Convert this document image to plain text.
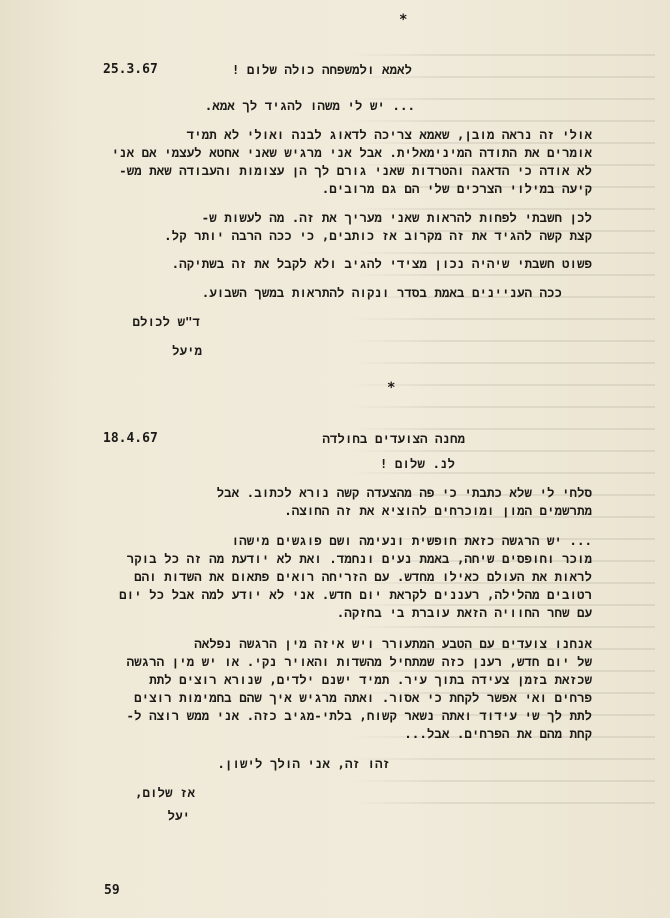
*
25.3.67	לאמא ולמשפחה כולה שלום !
... יש לי משהו להגיד לך אמא.
אולי זה נראה מובן, שאמא צריכה לדאוג לבנה ואולי לא תמיד
אומרים את התודה המינימאלית. אבל אני מרגיש שאני אחטא לעצמי אם אני
לא אודה כי הדאגה והטרדות שאני גורם לך הן עצומות והעבודה שאת מש-
קיעה במילוי הצרכים שלי הם גם מרובים.
לכן חשבתי לפחות להראות שאני מעריך את זה. מה לעשות ש-
קצת קשה להגיד את זה מקרוב אז כותבים, כי ככה הרבה יותר קל.
פשוט חשבתי שיהיה נכון מצידי להגיב ולא לקבל את זה בשתיקה.
ככה העניינים באמת בסדר ונקוה להתראות במשך השבוע.
ד"ש לכולם
מיעל
*
מחנה הצועדים בחולדה
18.4.67
לנ. שלום !
סלחי לי שלא כתבתי כי פה מהצעדה קשה נורא לכתוב. אבל
מתרשמים המון ומוכרחים להוציא את זה החוצה.
... יש הרגשה כזאת חופשית ונעימה ושם פוגשים מישהו
מוכר וחופסים שיחה, באמת נעים ונחמד. ואת לא יודעת מה זה כל בוקר
לראות את העולם כאילו מחדש. עם הזריחה רואים פתאום את השדות והם
רטובים מהלילה, רעננים לקראת יום חדש. אני לא יודע למה אבל כל יום
עם שחר החוויה הזאת עוברת בי בחזקה.
אנחנו צועדים עם הטבע המתעורר ויש איזה מין הרגשה נפלאה
של יום חדש, רענן כזה שמתחיל מהשדות והאויר נקי. או יש מין הרגשה
שכזאת בזמן צעידה בתוך עיר. תמיד ישנם ילדים, שנורא רוצים לתת
פרחים ואי אפשר לקחת כי אסור. ואתה מרגיש איך שהם בחמימות רוצים
לתת לך שי עידוד ואתה נשאר קשוח, בלתי-מגיב כזה. אני ממש רוצה ל-
קחת מהם את הפרחים. אבל...
זהו זה, אני הולך לישון.
אז שלום,
יעל
59
